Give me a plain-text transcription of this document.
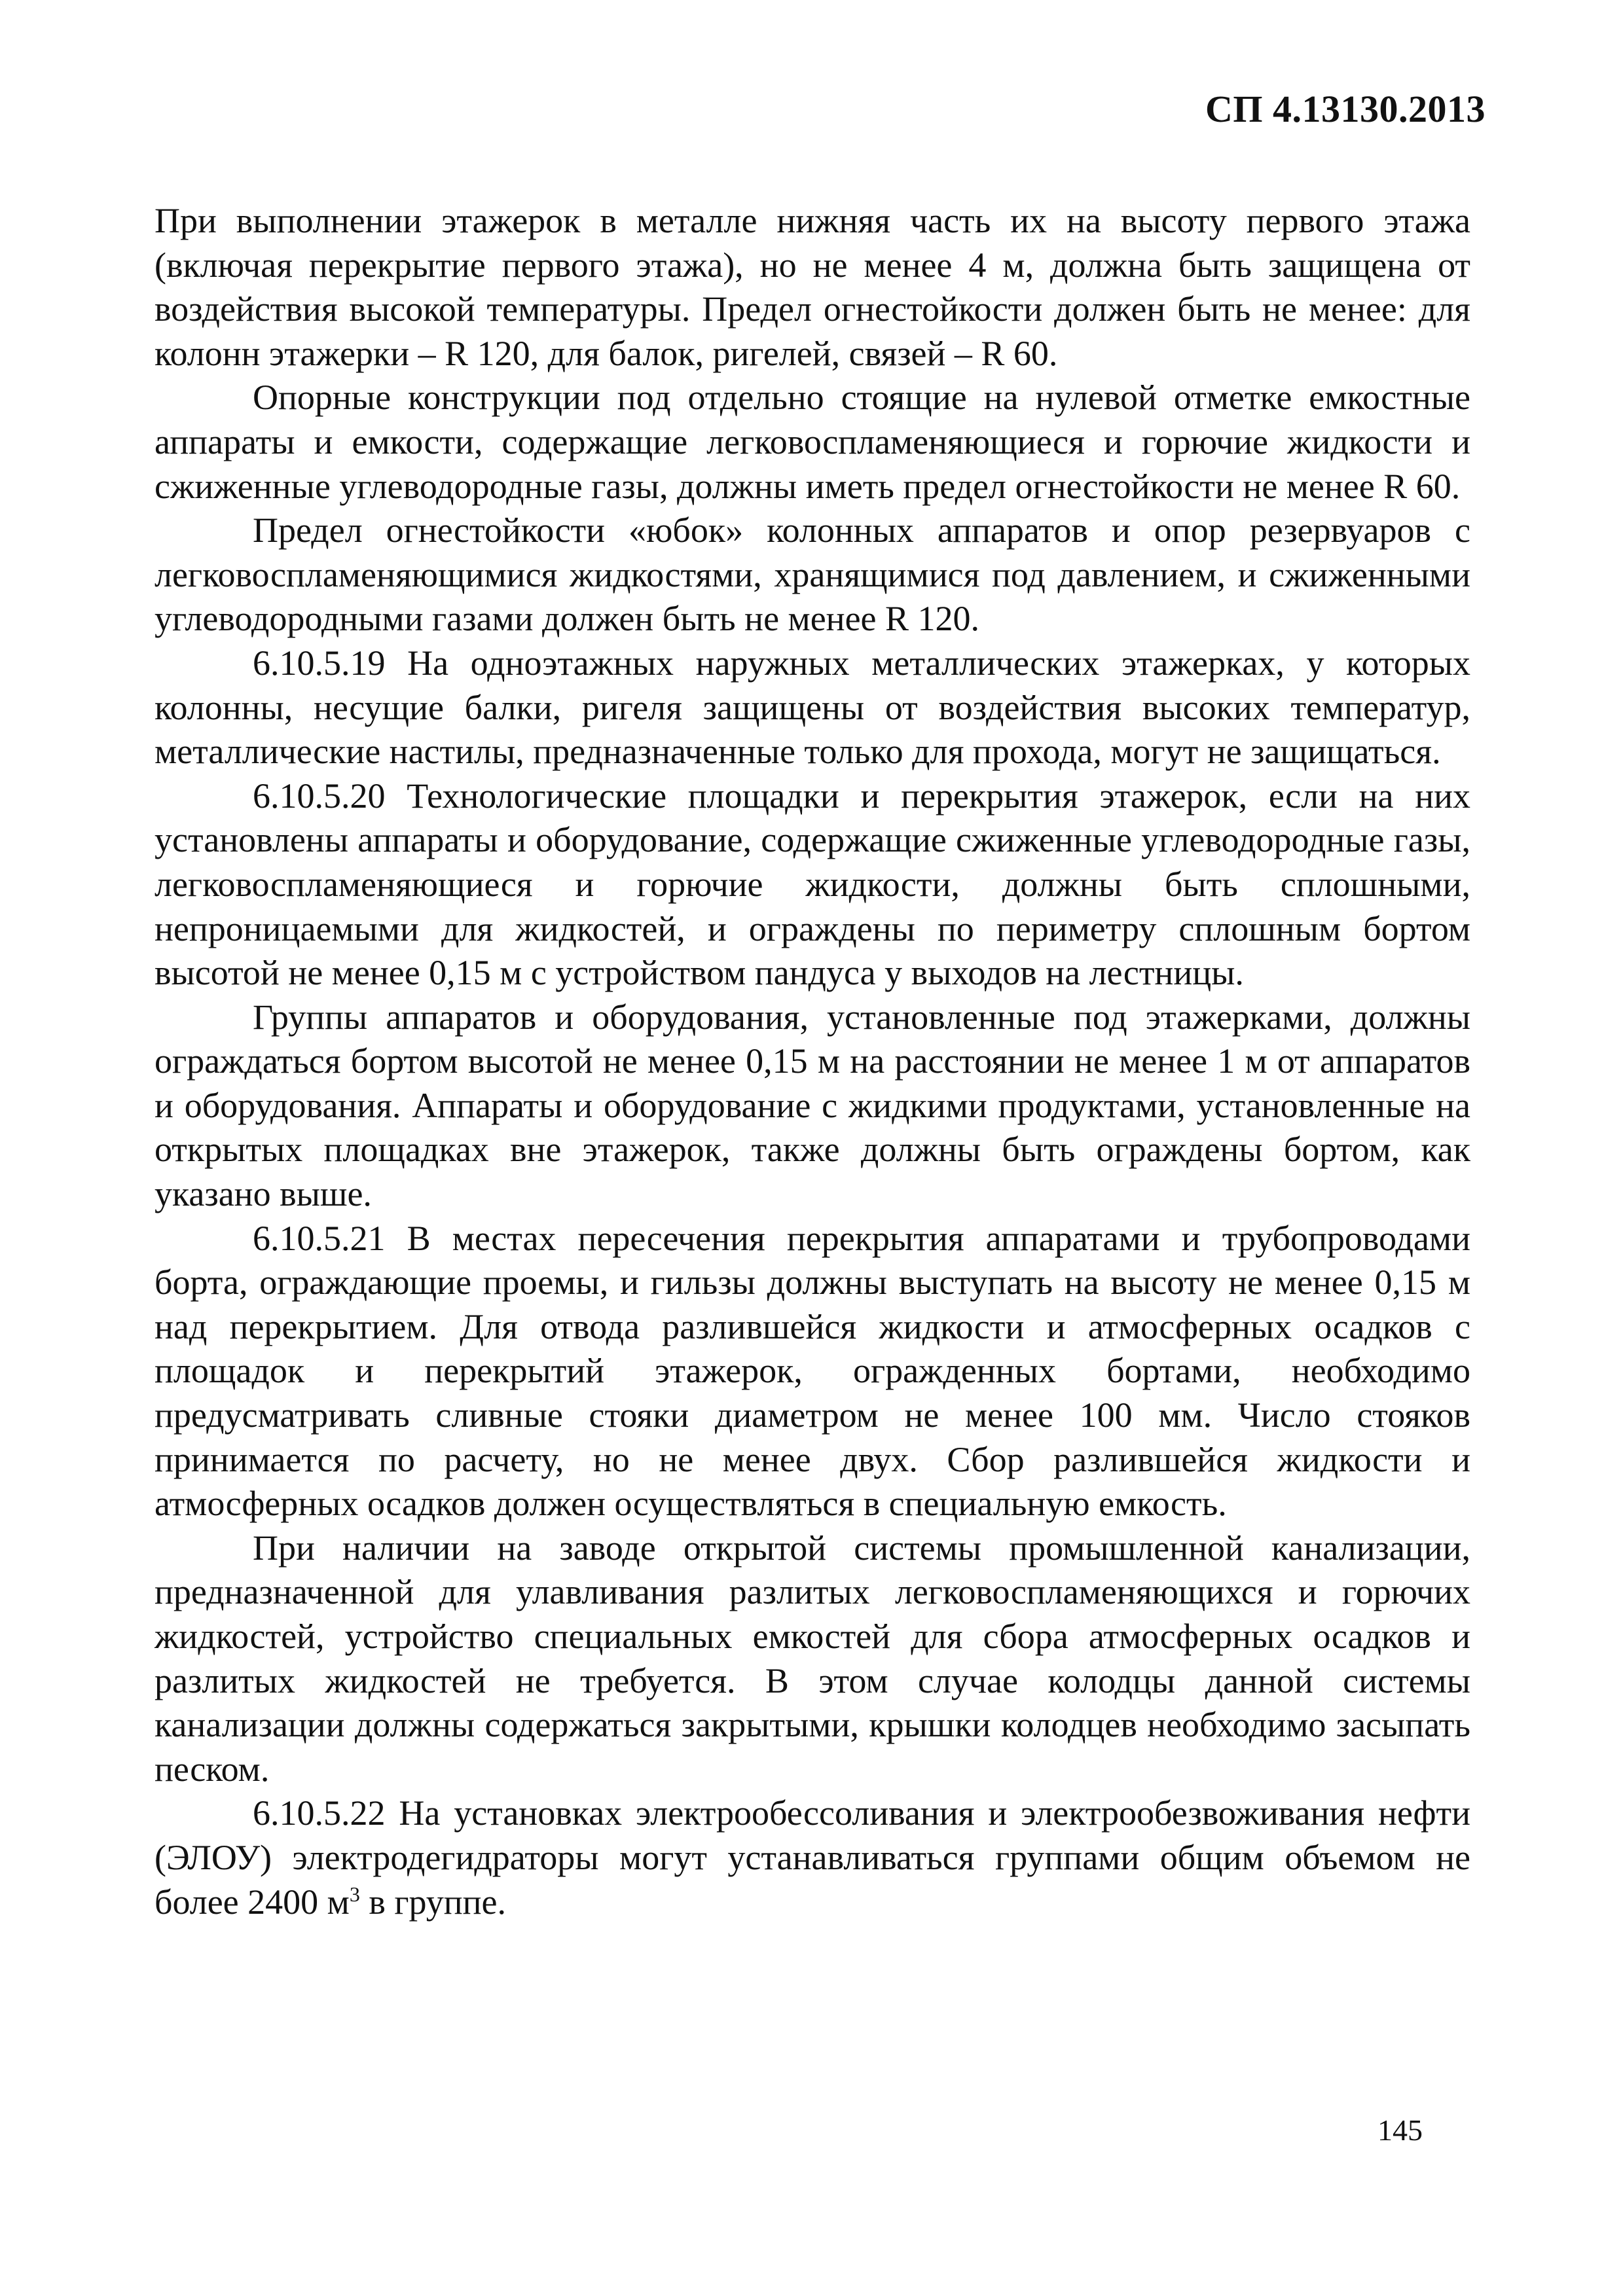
СП 4.13130.2013

При выполнении этажерок в металле нижняя часть их на высоту первого этажа (включая перекрытие первого этажа), но не менее 4 м, должна быть защищена от воздействия высокой температуры. Предел огнестойкости должен быть не менее: для колонн этажерки – R 120, для балок, ригелей, связей – R 60.

Опорные конструкции под отдельно стоящие на нулевой отметке емкостные аппараты и емкости, содержащие легковоспламеняющиеся и горючие жидкости и сжиженные углеводородные газы, должны иметь предел огнестойкости не менее R 60.

Предел огнестойкости «юбок» колонных аппаратов и опор резервуаров с легковоспламеняющимися жидкостями, хранящимися под давлением, и сжиженными углеводородными газами должен быть не менее R 120.

6.10.5.19 На одноэтажных наружных металлических этажерках, у которых колонны, несущие балки, ригеля защищены от воздействия высоких температур, металлические настилы, предназначенные только для прохода, могут не защищаться.

6.10.5.20 Технологические площадки и перекрытия этажерок, если на них установлены аппараты и оборудование, содержащие сжиженные углеводородные газы, легковоспламеняющиеся и горючие жидкости, должны быть сплошными, непроницаемыми для жидкостей, и ограждены по периметру сплошным бортом высотой не менее 0,15 м с устройством пандуса у выходов на лестницы.

Группы аппаратов и оборудования, установленные под этажерками, должны ограждаться бортом высотой не менее 0,15 м на расстоянии не менее 1 м от аппаратов и оборудования. Аппараты и оборудование с жидкими продуктами, установленные на открытых площадках вне этажерок, также должны быть ограждены бортом, как указано выше.

6.10.5.21 В местах пересечения перекрытия аппаратами и трубопроводами борта, ограждающие проемы, и гильзы должны выступать на высоту не менее 0,15 м над перекрытием. Для отвода разлившейся жидкости и атмосферных осадков с площадок и перекрытий этажерок, огражденных бортами, необходимо предусматривать сливные стояки диаметром не менее 100 мм. Число стояков принимается по расчету, но не менее двух. Сбор разлившейся жидкости и атмосферных осадков должен осуществляться в специальную емкость.

При наличии на заводе открытой системы промышленной канализации, предназначенной для улавливания разлитых легковоспламеняющихся и горючих жидкостей, устройство специальных емкостей для сбора атмосферных осадков и разлитых жидкостей не требуется. В этом случае колодцы данной системы канализации должны содержаться закрытыми, крышки колодцев необходимо засыпать песком.

6.10.5.22 На установках электрообессоливания и электрообезвоживания нефти (ЭЛОУ) электродегидраторы могут устанавливаться группами общим объемом не более 2400 $м^3$ в группе.

145
